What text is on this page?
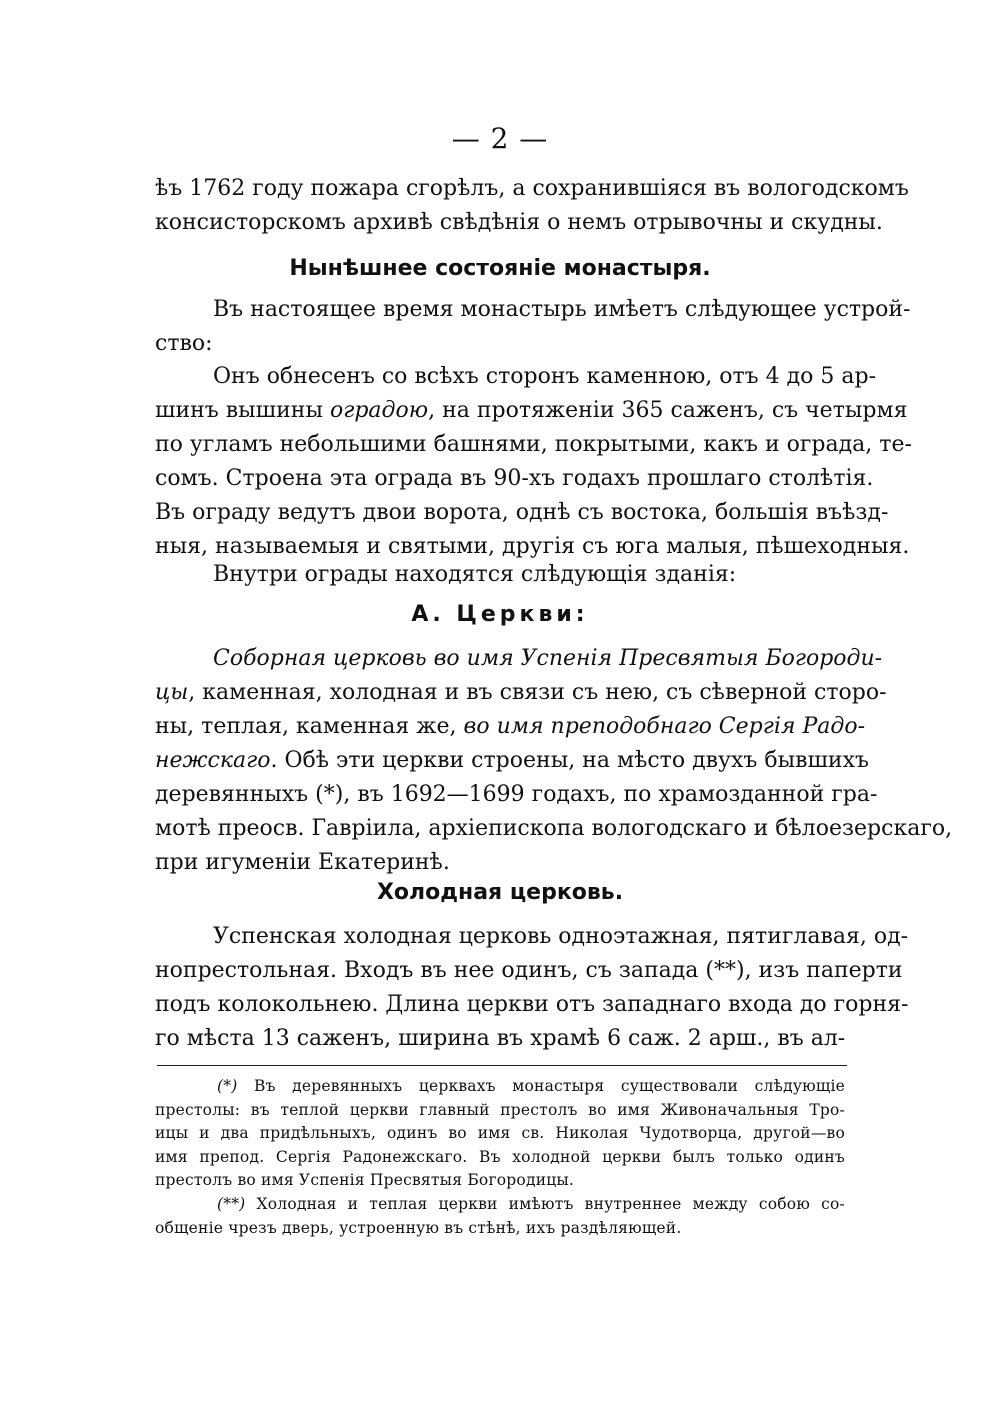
— 2 —
ѣъ 1762 году пожара сгорѣлъ, а сохранившіяся въ вологодскомъ
консисторскомъ архивѣ свѣдѣнія о немъ отрывочны и скудны.
Нынѣшнее состояніе монастыря.
Въ настоящее время монастырь имѣетъ слѣдующее устрой-
ство:
Онъ обнесенъ со всѣхъ сторонъ каменною, отъ 4 до 5 ар-
шинъ вышины оградою, на протяженіи 365 саженъ, съ четырмя
по угламъ небольшими башнями, покрытыми, какъ и ограда, те-
сомъ. Строена эта ограда въ 90-хъ годахъ прошлаго столѣтія.
Въ ограду ведутъ двои ворота, однѣ съ востока, большія въѣзд-
ныя, называемыя и святыми, другія съ юга малыя, пѣшеходныя.
Внутри ограды находятся слѣдующія зданія:
А. Церкви:
Соборная церковь во имя Успенія Пресвятыя Богороди-
цы, каменная, холодная и въ связи съ нею, съ сѣверной сторо-
ны, теплая, каменная же, во имя преподобнаго Сергія Радо-
нежскаго. Обѣ эти церкви строены, на мѣсто двухъ бывшихъ
деревянныхъ (*), въ 1692—1699 годахъ, по храмозданной гра-
мотѣ преосв. Гавріила, архіепископа вологодскаго и бѣлоезерскаго,
при игуменіи Екатеринѣ.
Холодная церковь.
Успенская холодная церковь одноэтажная, пятиглавая, од-
нопрестольная. Входъ въ нее одинъ, съ запада (**), изъ паперти
подъ колокольнею. Длина церкви отъ западнаго входа до горня-
го мѣста 13 саженъ, ширина въ храмѣ 6 саж. 2 арш., въ ал-
(*) Въ деревянныхъ церквахъ монастыря существовали слѣдующіе
престолы: въ теплой церкви главный престолъ во имя Живоначальныя Тро-
ицы и два придѣльныхъ, одинъ во имя св. Николая Чудотворца, другой—во
имя препод. Сергія Радонежскаго. Въ холодной церкви былъ только одинъ
престолъ во имя Успенія Пресвятыя Богородицы.
(**) Холодная и теплая церкви имѣютъ внутреннее между собою со-
общеніе чрезъ дверь, устроенную въ стѣнѣ, ихъ раздѣляющей.
